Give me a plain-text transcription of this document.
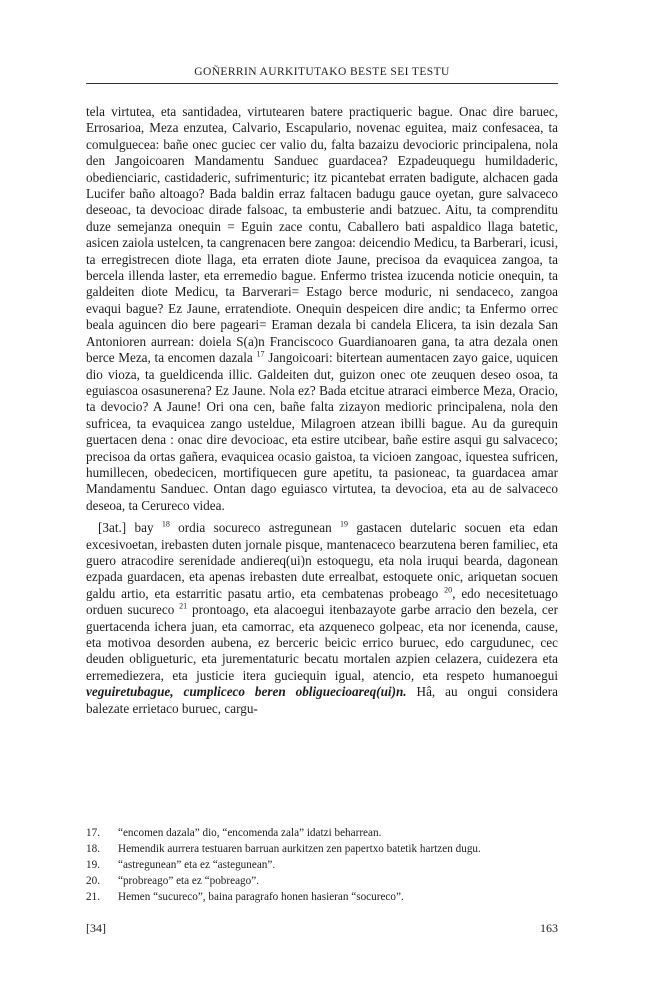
GOÑERRIN AURKITUTAKO BESTE SEI TESTU

tela virtutea, eta santidadea, virtutearen batere practiqueric bague. Onac dire baruec, Errosarioa, Meza enzutea, Calvario, Escapulario, novenac eguitea, maiz confesacea, ta comulguecea: bañe onec guciec cer valio du, falta bazaizu devocioric principalena, nola den Jangoicoaren Mandamentu Sanduec guardacea? Ezpadeuquegu humildaderic, obedienciaric, castidaderic, sufrimenturic; itz picantebat erraten badigute, alchacen gada Lucifer baño altoago? Bada baldin erraz faltacen badugu gauce oyetan, gure salvaceco deseoac, ta devocioac dirade falsoac, ta embusterie andi batzuec. Aitu, ta comprenditu duze semejanza onequin = Eguin zace contu, Caballero bati aspaldico llaga batetic, asicen zaiola ustelcen, ta cangrenacen bere zangoa: deicendio Medicu, ta Barberari, icusi, ta erregistrecen diote llaga, eta erraten diote Jaune, precisoa da evaquicea zangoa, ta bercela illenda laster, eta erremedio bague. Enfermo tristea izucenda noticie onequin, ta galdeiten diote Medicu, ta Barverari= Estago berce moduric, ni sendaceco, zangoa evaqui bague? Ez Jaune, erratendiote. Onequin despeicen dire andic; ta Enfermo orrec beala aguincen dio bere pageari= Eraman dezala bi candela Elicera, ta isin dezala San Antonioren aurrean: doiela S(a)n Franciscoco Guardianoaren gana, ta atra dezala onen berce Meza, ta encomen dazala $^{17}$ Jangoicoari: bitertean aumentacen zayo gaice, uquicen dio vioza, ta gueldicenda illic. Galdeiten dut, guizon onec ote zeuquen deseo osoa, ta eguiascoa osasunerena? Ez Jaune. Nola ez? Bada etcitue atraraci eimberce Meza, Oracio, ta devocio? A Jaune! Ori ona cen, bañe falta zizayon medioric principalena, nola den sufricea, ta evaquicea zango usteldue, Milagroen atzean ibilli bague. Au da gurequin guertacen dena : onac dire devocioac, eta estire utcibear, bañe estire asqui gu salvaceco; precisoa da ortas gañera, evaquicea ocasio gaistoa, ta vicioen zangoac, iquestea sufricen, humillecen, obedecicen, mortifiquecen gure apetitu, ta pasioneac, ta guardacea amar Mandamentu Sanduec. Ontan dago eguiasco virtutea, ta devocioa, eta au de salvaceco deseoa, ta Cerureco videa.

[3at.] bay $^{18}$ ordia socureco astregunean $^{19}$ gastacen dutelaric socuen eta edan excesivoetan, irebasten duten jornale pisque, mantenaceco bearzutena beren familiec, eta guero atracodire serenidade andiereq(ui)n estoquegu, eta nola iruqui bearda, dagonean ezpada guardacen, eta apenas irebasten dute errealbat, estoquete onic, ariquetan socuen galdu artio, eta estarritic pasatu artio, eta cembatenas probeago $^{20}$, edo necesitetuago orduen sucureco $^{21}$ prontoago, eta alacoegui itenbazayote garbe arracio den bezela, cer guertacenda ichera juan, eta camorrac, eta azqueneco golpeac, eta nor icenenda, cause, eta motivoa desorden aubena, ez berceric beicic errico buruec, edo cargudunec, cec deuden obligueturic, eta jurementaturic becatu mortalen azpien celazera, cuidezera eta erremediezera, eta justicie itera guciequin igual, atencio, eta respeto humanoegui veguiretubague, cumpliceco beren obliguecioareq(ui)n. Hâ, au ongui considera balezate errietaco buruec, cargu-

17.	“encomen dazala” dio, “encomenda zala” idatzi beharrean.
18.	Hemendik aurrera testuaren barruan aurkitzen zen papertxo batetik hartzen dugu.
19.	“astregunean” eta ez “astegunean”.
20.	“probreago” eta ez “pobreago”.
21.	Hemen “sucureco”, baina paragrafo honen hasieran “socureco”.
[34]	163
